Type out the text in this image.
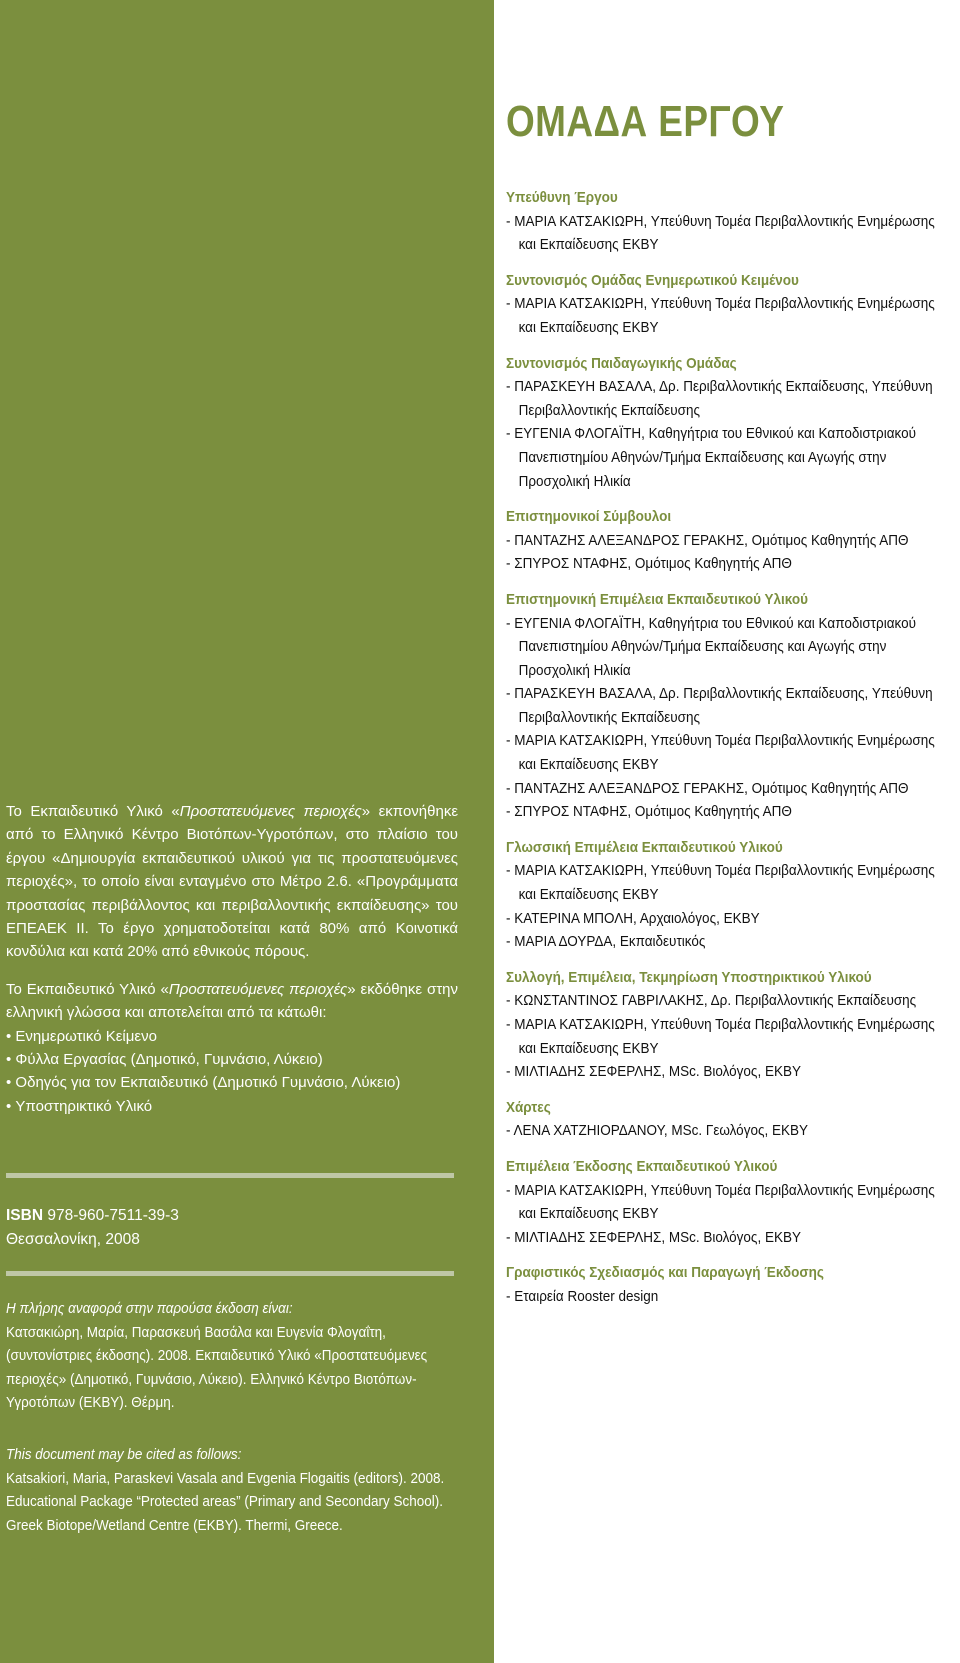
Το Εκπαιδευτικό Υλικό «Προστατευόμενες περιοχές» εκπονήθηκε από το Ελληνικό Κέντρο Βιοτόπων-Υγροτόπων, στο πλαίσιο του έργου «Δημιουργία εκπαιδευτικού υλικού για τις προστατευόμενες περιοχές», το οποίο είναι ενταγμένο στο Μέτρο 2.6. «Προγράμματα προστασίας περιβάλλοντος και περιβαλλοντικής εκπαίδευσης» του ΕΠΕΑΕΚ ΙΙ. Το έργο χρηματοδοτείται κατά 80% από Κοινοτικά κονδύλια και κατά 20% από εθνικούς πόρους.

Το Εκπαιδευτικό Υλικό «Προστατευόμενες περιοχές» εκδόθηκε στην ελληνική γλώσσα και αποτελείται από τα κάτωθι:

• Ενημερωτικό Κείμενο
• Φύλλα Εργασίας (Δημοτικό, Γυμνάσιο, Λύκειο)
• Οδηγός για τον Εκπαιδευτικό (Δημοτικό Γυμνάσιο, Λύκειο)
• Υποστηρικτικό Υλικό
ISBN 978-960-7511-39-3
Θεσσαλονίκη, 2008
Η πλήρης αναφορά στην παρούσα έκδοση είναι:
Κατσακιώρη, Μαρία, Παρασκευή Βασάλα και Ευγενία Φλογαΐτη, (συντονίστριες έκδοσης). 2008. Εκπαιδευτικό Υλικό «Προστατευόμενες περιοχές» (Δημοτικό, Γυμνάσιο, Λύκειο). Ελληνικό Κέντρο Βιοτόπων-Υγροτόπων (ΕΚΒΥ). Θέρμη.
This document may be cited as follows:
Katsakiori, Maria, Paraskevi Vasala and Evgenia Flogaitis (editors). 2008. Educational Package “Protected areas” (Primary and Secondary School). Greek Biotope/Wetland Centre (EKBY). Thermi, Greece.
ΟΜΑΔΑ ΕΡΓΟΥ
Υπεύθυνη Έργου
- ΜΑΡΙΑ ΚΑΤΣΑΚΙΩΡΗ, Υπεύθυνη Τομέα Περιβαλλοντικής Ενημέρωσης και Εκπαίδευσης ΕΚΒΥ
Συντονισμός Ομάδας Ενημερωτικού Κειμένου
- ΜΑΡΙΑ ΚΑΤΣΑΚΙΩΡΗ, Υπεύθυνη Τομέα Περιβαλλοντικής Ενημέρωσης και Εκπαίδευσης ΕΚΒΥ
Συντονισμός Παιδαγωγικής Ομάδας
- ΠΑΡΑΣΚΕΥΗ ΒΑΣΑΛΑ, Δρ. Περιβαλλοντικής Εκπαίδευσης, Υπεύθυνη Περιβαλλοντικής Εκπαίδευσης
- ΕΥΓΕΝΙΑ ΦΛΟΓΑΪΤΗ, Καθηγήτρια του Εθνικού και Καποδιστριακού Πανεπιστημίου Αθηνών/Τμήμα Εκπαίδευσης και Αγωγής στην Προσχολική Ηλικία
Επιστημονικοί Σύμβουλοι
- ΠΑΝΤΑΖΗΣ ΑΛΕΞΑΝΔΡΟΣ ΓΕΡΑΚΗΣ, Ομότιμος Καθηγητής ΑΠΘ
- ΣΠΥΡΟΣ ΝΤΑΦΗΣ, Ομότιμος Καθηγητής ΑΠΘ
Επιστημονική Επιμέλεια Εκπαιδευτικού Υλικού
- ΕΥΓΕΝΙΑ ΦΛΟΓΑΪΤΗ, Καθηγήτρια του Εθνικού και Καποδιστριακού Πανεπιστημίου Αθηνών/Τμήμα Εκπαίδευσης και Αγωγής στην Προσχολική Ηλικία
- ΠΑΡΑΣΚΕΥΗ ΒΑΣΑΛΑ, Δρ. Περιβαλλοντικής Εκπαίδευσης, Υπεύθυνη Περιβαλλοντικής Εκπαίδευσης
- ΜΑΡΙΑ ΚΑΤΣΑΚΙΩΡΗ, Υπεύθυνη Τομέα Περιβαλλοντικής Ενημέρωσης και Εκπαίδευσης ΕΚΒΥ
- ΠΑΝΤΑΖΗΣ ΑΛΕΞΑΝΔΡΟΣ ΓΕΡΑΚΗΣ, Ομότιμος Καθηγητής ΑΠΘ
- ΣΠΥΡΟΣ ΝΤΑΦΗΣ, Ομότιμος Καθηγητής ΑΠΘ
Γλωσσική Επιμέλεια Εκπαιδευτικού Υλικού
- ΜΑΡΙΑ ΚΑΤΣΑΚΙΩΡΗ, Υπεύθυνη Τομέα Περιβαλλοντικής Ενημέρωσης και Εκπαίδευσης ΕΚΒΥ
- ΚΑΤΕΡΙΝΑ ΜΠΟΛΗ, Αρχαιολόγος, ΕΚΒΥ
- ΜΑΡΙΑ ΔΟΥΡΔΑ, Εκπαιδευτικός
Συλλογή, Επιμέλεια, Τεκμηρίωση Υποστηρικτικού Υλικού
- ΚΩΝΣΤΑΝΤΙΝΟΣ ΓΑΒΡΙΛΑΚΗΣ, Δρ. Περιβαλλοντικής Εκπαίδευσης
- ΜΑΡΙΑ ΚΑΤΣΑΚΙΩΡΗ, Υπεύθυνη Τομέα Περιβαλλοντικής Ενημέρωσης και Εκπαίδευσης ΕΚΒΥ
- ΜΙΛΤΙΑΔΗΣ ΣΕΦΕΡΛΗΣ, MSc. Βιολόγος, ΕΚΒΥ
Χάρτες
- ΛΕΝΑ ΧΑΤΖΗΙΟΡΔΑΝΟΥ, MSc. Γεωλόγος, ΕΚΒΥ
Επιμέλεια Έκδοσης Εκπαιδευτικού Υλικού
- ΜΑΡΙΑ ΚΑΤΣΑΚΙΩΡΗ, Υπεύθυνη Τομέα Περιβαλλοντικής Ενημέρωσης και Εκπαίδευσης ΕΚΒΥ
- ΜΙΛΤΙΑΔΗΣ ΣΕΦΕΡΛΗΣ, MSc. Βιολόγος, ΕΚΒΥ
Γραφιστικός Σχεδιασμός και Παραγωγή Έκδοσης
- Εταιρεία Rooster design
